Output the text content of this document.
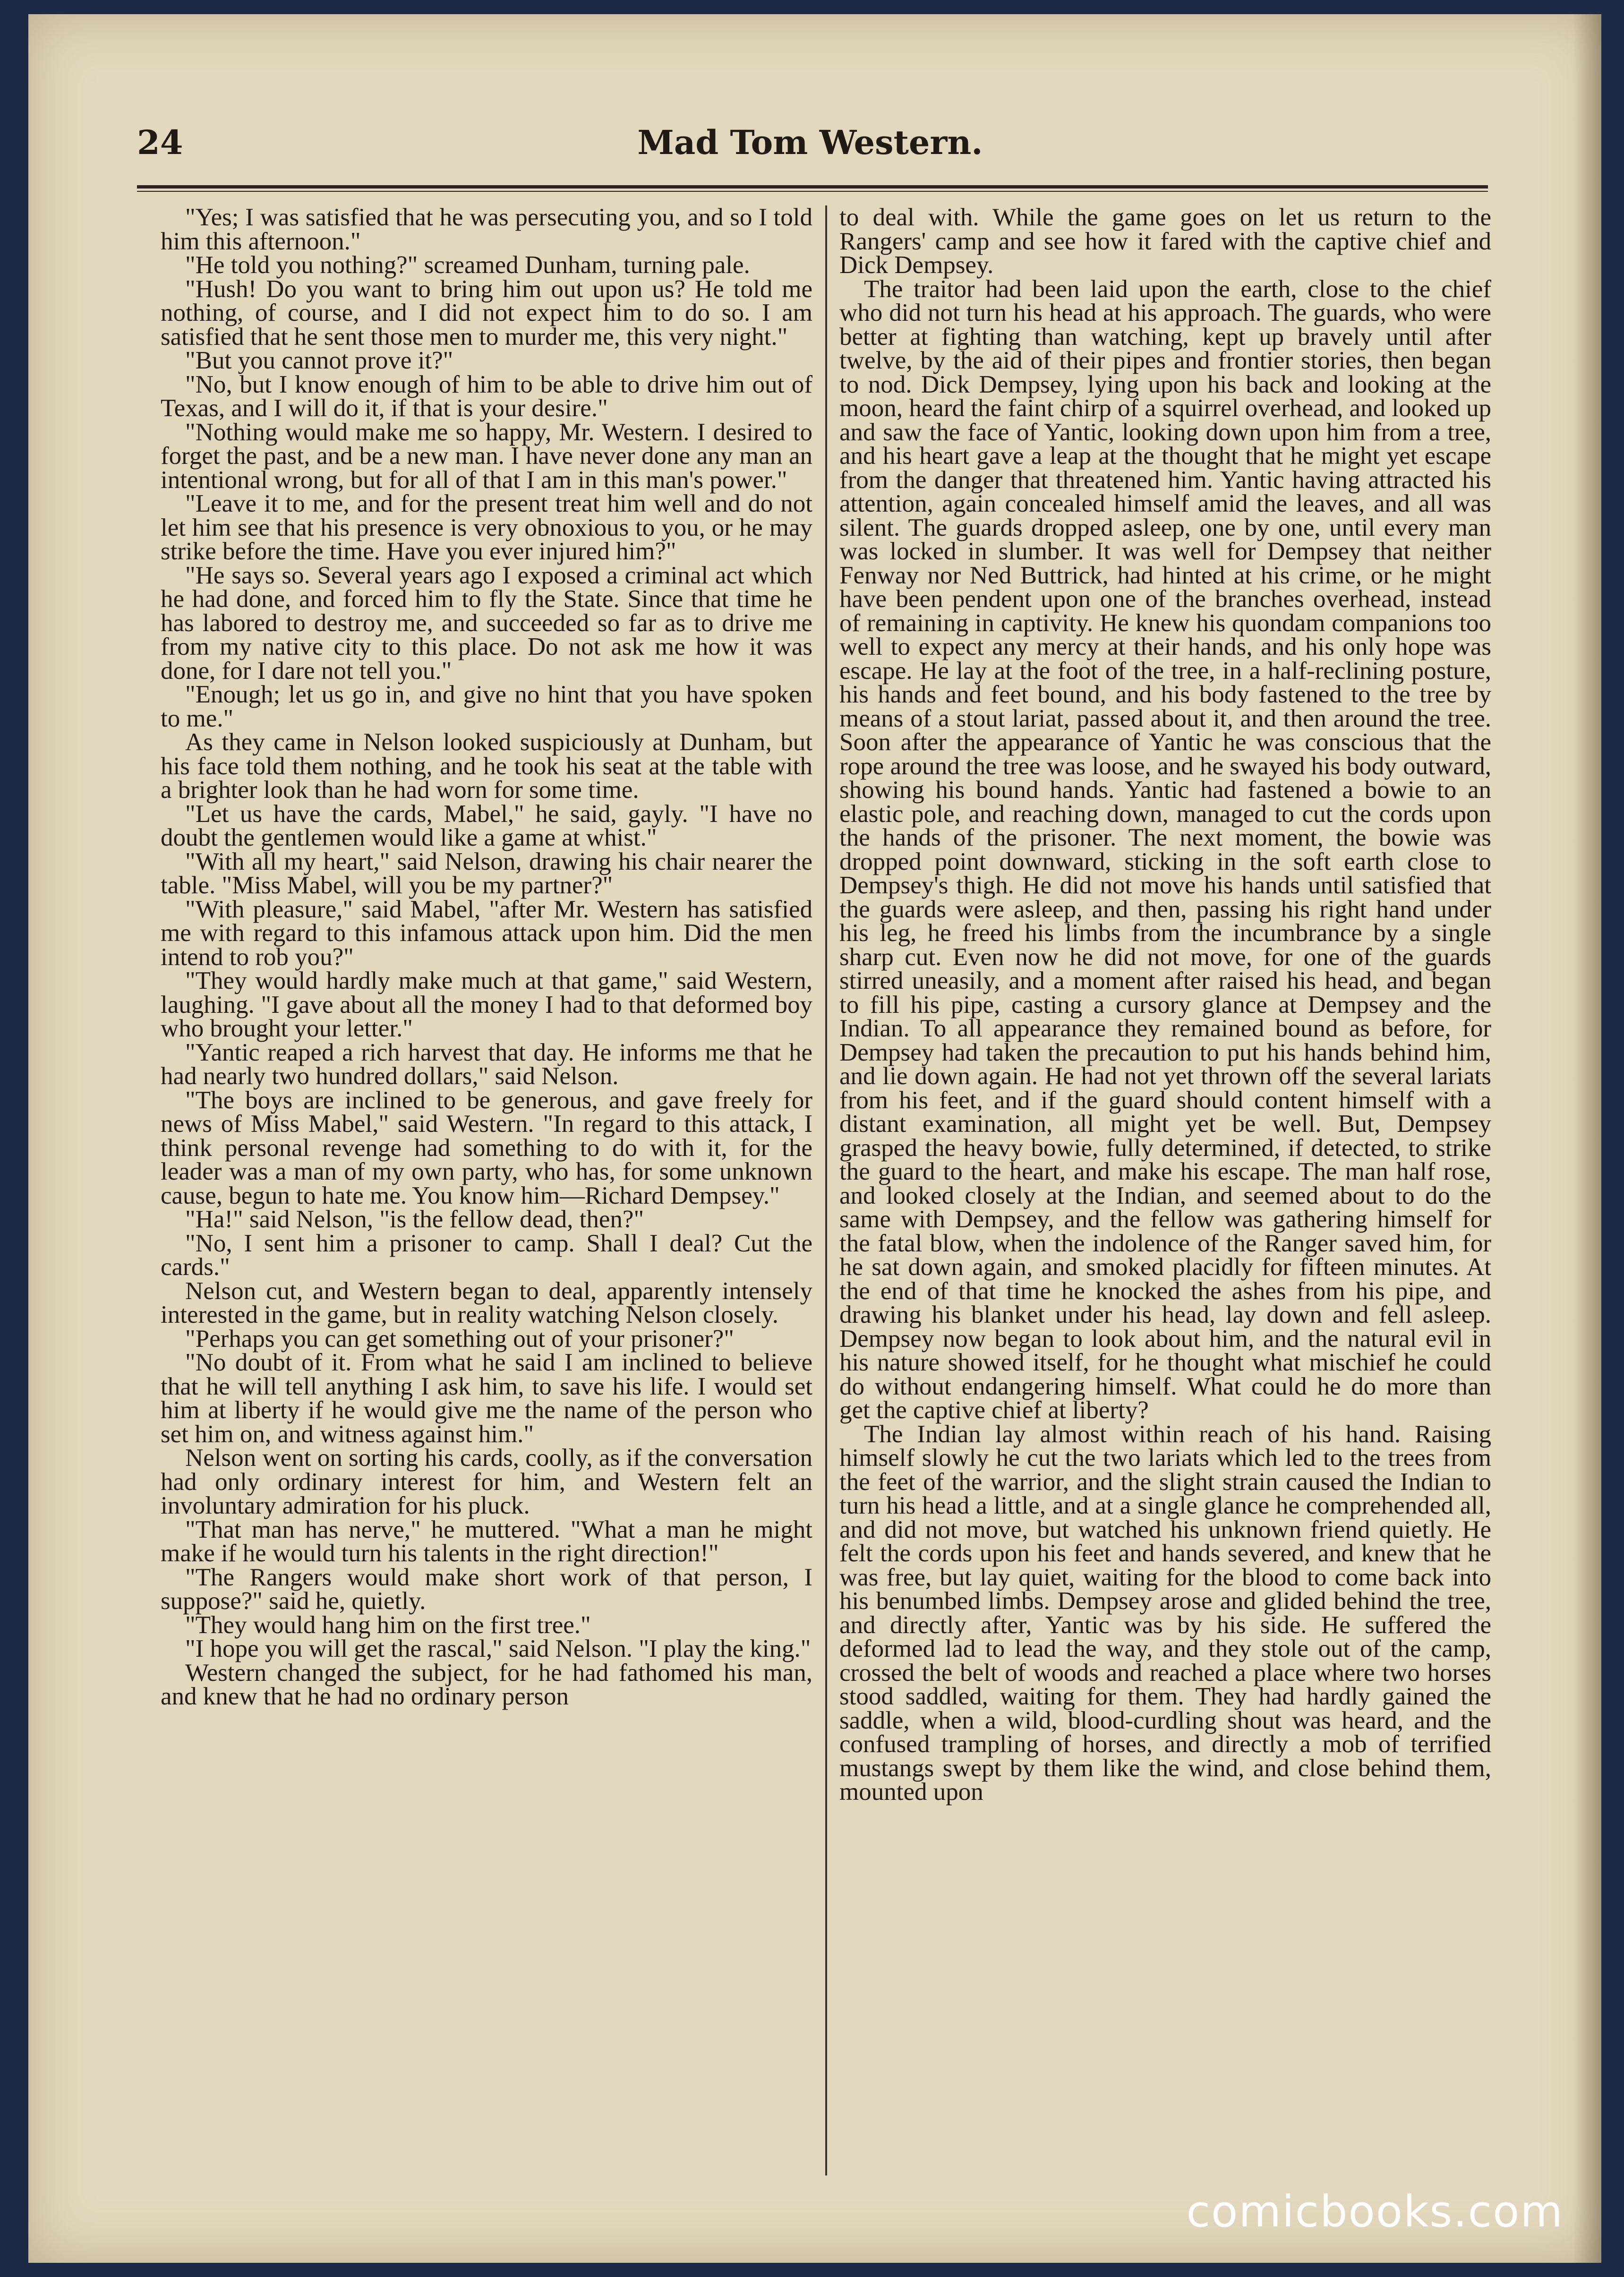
24	Mad Tom Western.

"Yes; I was satisfied that he was persecuting you, and so I told him this afternoon."

"He told you nothing?" screamed Dunham, turning pale.

"Hush! Do you want to bring him out upon us? He told me nothing, of course, and I did not expect him to do so. I am satisfied that he sent those men to murder me, this very night."

"But you cannot prove it?"

"No, but I know enough of him to be able to drive him out of Texas, and I will do it, if that is your desire."

"Nothing would make me so happy, Mr. Western. I desired to forget the past, and be a new man. I have never done any man an intentional wrong, but for all of that I am in this man's power."

"Leave it to me, and for the present treat him well and do not let him see that his presence is very obnoxious to you, or he may strike before the time. Have you ever injured him?"

"He says so. Several years ago I exposed a criminal act which he had done, and forced him to fly the State. Since that time he has labored to destroy me, and succeeded so far as to drive me from my native city to this place. Do not ask me how it was done, for I dare not tell you."

"Enough; let us go in, and give no hint that you have spoken to me."

As they came in Nelson looked suspiciously at Dunham, but his face told them nothing, and he took his seat at the table with a brighter look than he had worn for some time.

"Let us have the cards, Mabel," he said, gayly. "I have no doubt the gentlemen would like a game at whist."

"With all my heart," said Nelson, drawing his chair nearer the table. "Miss Mabel, will you be my partner?"

"With pleasure," said Mabel, "after Mr. Western has satisfied me with regard to this infamous attack upon him. Did the men intend to rob you?"

"They would hardly make much at that game," said Western, laughing. "I gave about all the money I had to that deformed boy who brought your letter."

"Yantic reaped a rich harvest that day. He informs me that he had nearly two hundred dollars," said Nelson.

"The boys are inclined to be generous, and gave freely for news of Miss Mabel," said Western. "In regard to this attack, I think personal revenge had something to do with it, for the leader was a man of my own party, who has, for some unknown cause, begun to hate me. You know him—Richard Dempsey."

"Ha!" said Nelson, "is the fellow dead, then?"

"No, I sent him a prisoner to camp. Shall I deal? Cut the cards."

Nelson cut, and Western began to deal, apparently intensely interested in the game, but in reality watching Nelson closely.

"Perhaps you can get something out of your prisoner?"

"No doubt of it. From what he said I am inclined to believe that he will tell anything I ask him, to save his life. I would set him at liberty if he would give me the name of the person who set him on, and witness against him."

Nelson went on sorting his cards, coolly, as if the conversation had only ordinary interest for him, and Western felt an involuntary admiration for his pluck.

"That man has nerve," he muttered. "What a man he might make if he would turn his talents in the right direction!"

"The Rangers would make short work of that person, I suppose?" said he, quietly.

"They would hang him on the first tree."

"I hope you will get the rascal," said Nelson. "I play the king."

Western changed the subject, for he had fathomed his man, and knew that he had no ordinary person

to deal with. While the game goes on let us return to the Rangers' camp and see how it fared with the captive chief and Dick Dempsey.

The traitor had been laid upon the earth, close to the chief who did not turn his head at his approach. The guards, who were better at fighting than watching, kept up bravely until after twelve, by the aid of their pipes and frontier stories, then began to nod. Dick Dempsey, lying upon his back and looking at the moon, heard the faint chirp of a squirrel overhead, and looked up and saw the face of Yantic, looking down upon him from a tree, and his heart gave a leap at the thought that he might yet escape from the danger that threatened him. Yantic having attracted his attention, again concealed himself amid the leaves, and all was silent. The guards dropped asleep, one by one, until every man was locked in slumber. It was well for Dempsey that neither Fenway nor Ned Buttrick, had hinted at his crime, or he might have been pendent upon one of the branches overhead, instead of remaining in captivity. He knew his quondam companions too well to expect any mercy at their hands, and his only hope was escape. He lay at the foot of the tree, in a half-reclining posture, his hands and feet bound, and his body fastened to the tree by means of a stout lariat, passed about it, and then around the tree. Soon after the appearance of Yantic he was conscious that the rope around the tree was loose, and he swayed his body outward, showing his bound hands. Yantic had fastened a bowie to an elastic pole, and reaching down, managed to cut the cords upon the hands of the prisoner. The next moment, the bowie was dropped point downward, sticking in the soft earth close to Dempsey's thigh. He did not move his hands until satisfied that the guards were asleep, and then, passing his right hand under his leg, he freed his limbs from the incumbrance by a single sharp cut. Even now he did not move, for one of the guards stirred uneasily, and a moment after raised his head, and began to fill his pipe, casting a cursory glance at Dempsey and the Indian. To all appearance they remained bound as before, for Dempsey had taken the precaution to put his hands behind him, and lie down again. He had not yet thrown off the several lariats from his feet, and if the guard should content himself with a distant examination, all might yet be well. But, Dempsey grasped the heavy bowie, fully determined, if detected, to strike the guard to the heart, and make his escape. The man half rose, and looked closely at the Indian, and seemed about to do the same with Dempsey, and the fellow was gathering himself for the fatal blow, when the indolence of the Ranger saved him, for he sat down again, and smoked placidly for fifteen minutes. At the end of that time he knocked the ashes from his pipe, and drawing his blanket under his head, lay down and fell asleep. Dempsey now began to look about him, and the natural evil in his nature showed itself, for he thought what mischief he could do without endangering himself. What could he do more than get the captive chief at liberty?

The Indian lay almost within reach of his hand. Raising himself slowly he cut the two lariats which led to the trees from the feet of the warrior, and the slight strain caused the Indian to turn his head a little, and at a single glance he comprehended all, and did not move, but watched his unknown friend quietly. He felt the cords upon his feet and hands severed, and knew that he was free, but lay quiet, waiting for the blood to come back into his benumbed limbs. Dempsey arose and glided behind the tree, and directly after, Yantic was by his side. He suffered the deformed lad to lead the way, and they stole out of the camp, crossed the belt of woods and reached a place where two horses stood saddled, waiting for them. They had hardly gained the saddle, when a wild, blood-curdling shout was heard, and the confused trampling of horses, and directly a mob of terrified mustangs swept by them like the wind, and close behind them, mounted upon

comicbooks.com
